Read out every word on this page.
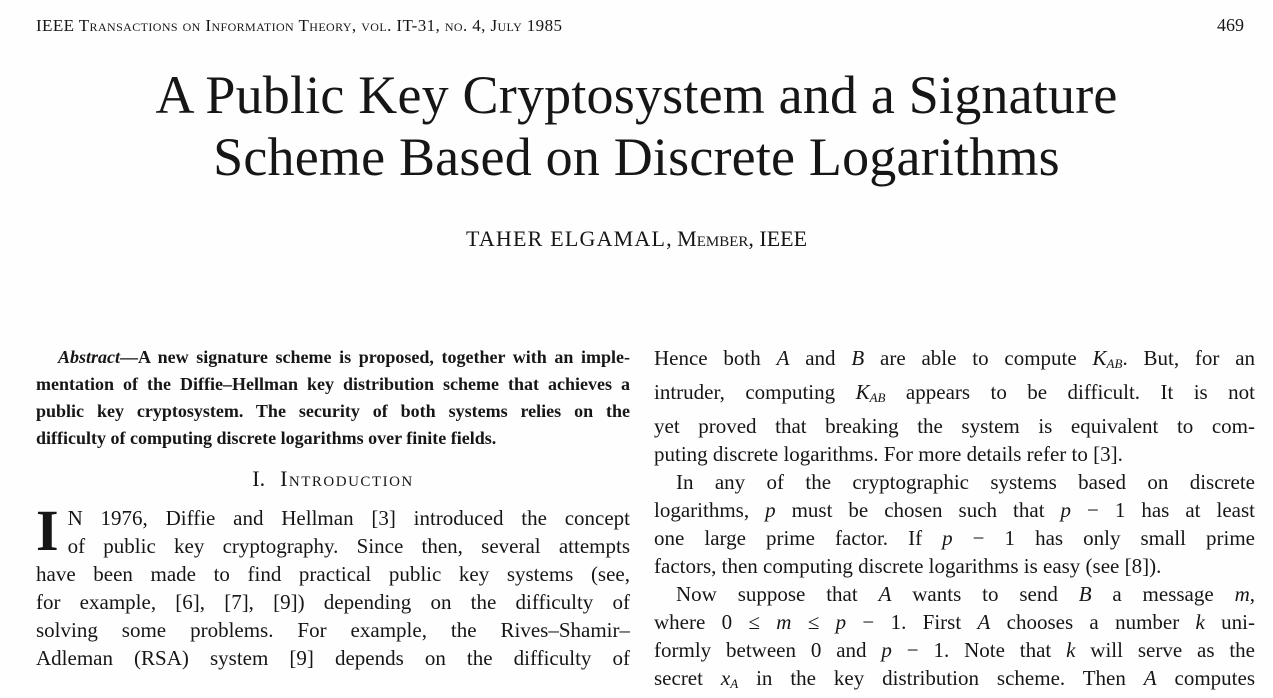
IEEE Transactions on Information Theory, vol. IT-31, no. 4, July 1985	469
A Public Key Cryptosystem and a Signature
Scheme Based on Discrete Logarithms
TAHER ELGAMAL, Member, IEEE
Abstract—A new signature scheme is proposed, together with an imple-
mentation of the Diffie–Hellman key distribution scheme that achieves a
public key cryptosystem. The security of both systems relies on the
difficulty of computing discrete logarithms over finite fields.
I. Introduction
I N 1976, Diffie and Hellman [3] introduced the concept
of public key cryptography. Since then, several attempts
have been made to find practical public key systems (see,
for example, [6], [7], [9]) depending on the difficulty of
solving some problems. For example, the Rives–Shamir–
Adleman (RSA) system [9] depends on the difficulty of
Hence both A and B are able to compute $K_{AB}$. But, for an
intruder, computing $K_{AB}$ appears to be difficult. It is not
yet proved that breaking the system is equivalent to com-
puting discrete logarithms. For more details refer to [3].
In any of the cryptographic systems based on discrete
logarithms, p must be chosen such that p − 1 has at least
one large prime factor. If p − 1 has only small prime
factors, then computing discrete logarithms is easy (see [8]).
Now suppose that A wants to send B a message m,
where 0 ≤ m ≤ p − 1. First A chooses a number k uni-
formly between 0 and p − 1. Note that k will serve as the
secret $x_A$ in the key distribution scheme. Then A computes
